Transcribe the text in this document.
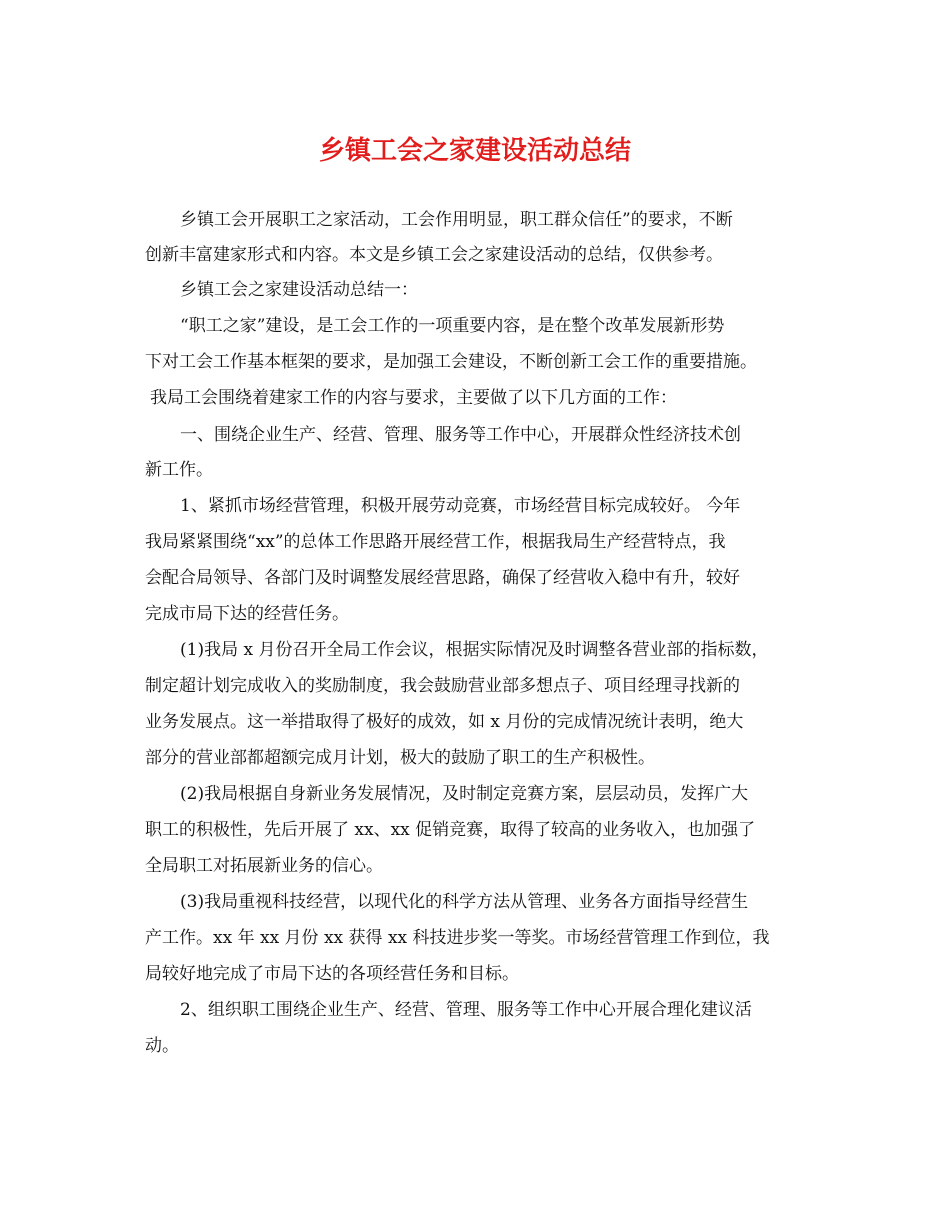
乡镇工会之家建设活动总结

乡镇工会开展职工之家活动，工会作用明显，职工群众信任”的要求，不断

创新丰富建家形式和内容。本文是乡镇工会之家建设活动的总结，仅供参考。

乡镇工会之家建设活动总结一：

“职工之家”建设，是工会工作的一项重要内容，是在整个改革发展新形势

下对工会工作基本框架的要求，是加强工会建设，不断创新工会工作的重要措施。

我局工会围绕着建家工作的内容与要求，主要做了以下几方面的工作：

一、围绕企业生产、经营、管理、服务等工作中心，开展群众性经济技术创

新工作。

1、紧抓市场经营管理，积极开展劳动竞赛，市场经营目标完成较好。 今年

我局紧紧围绕“xx”的总体工作思路开展经营工作，根据我局生产经营特点，我

会配合局领导、各部门及时调整发展经营思路，确保了经营收入稳中有升，较好

完成市局下达的经营任务。

(1)我局 x 月份召开全局工作会议，根据实际情况及时调整各营业部的指标数，

制定超计划完成收入的奖励制度，我会鼓励营业部多想点子、项目经理寻找新的

业务发展点。这一举措取得了极好的成效，如 x 月份的完成情况统计表明，绝大

部分的营业部都超额完成月计划，极大的鼓励了职工的生产积极性。

(2)我局根据自身新业务发展情况，及时制定竞赛方案，层层动员，发挥广大

职工的积极性，先后开展了 xx、xx 促销竞赛，取得了较高的业务收入，也加强了

全局职工对拓展新业务的信心。

(3)我局重视科技经营，以现代化的科学方法从管理、业务各方面指导经营生

产工作。xx 年 xx 月份 xx 获得 xx 科技进步奖一等奖。市场经营管理工作到位，我

局较好地完成了市局下达的各项经营任务和目标。

2、组织职工围绕企业生产、经营、管理、服务等工作中心开展合理化建议活

动。
